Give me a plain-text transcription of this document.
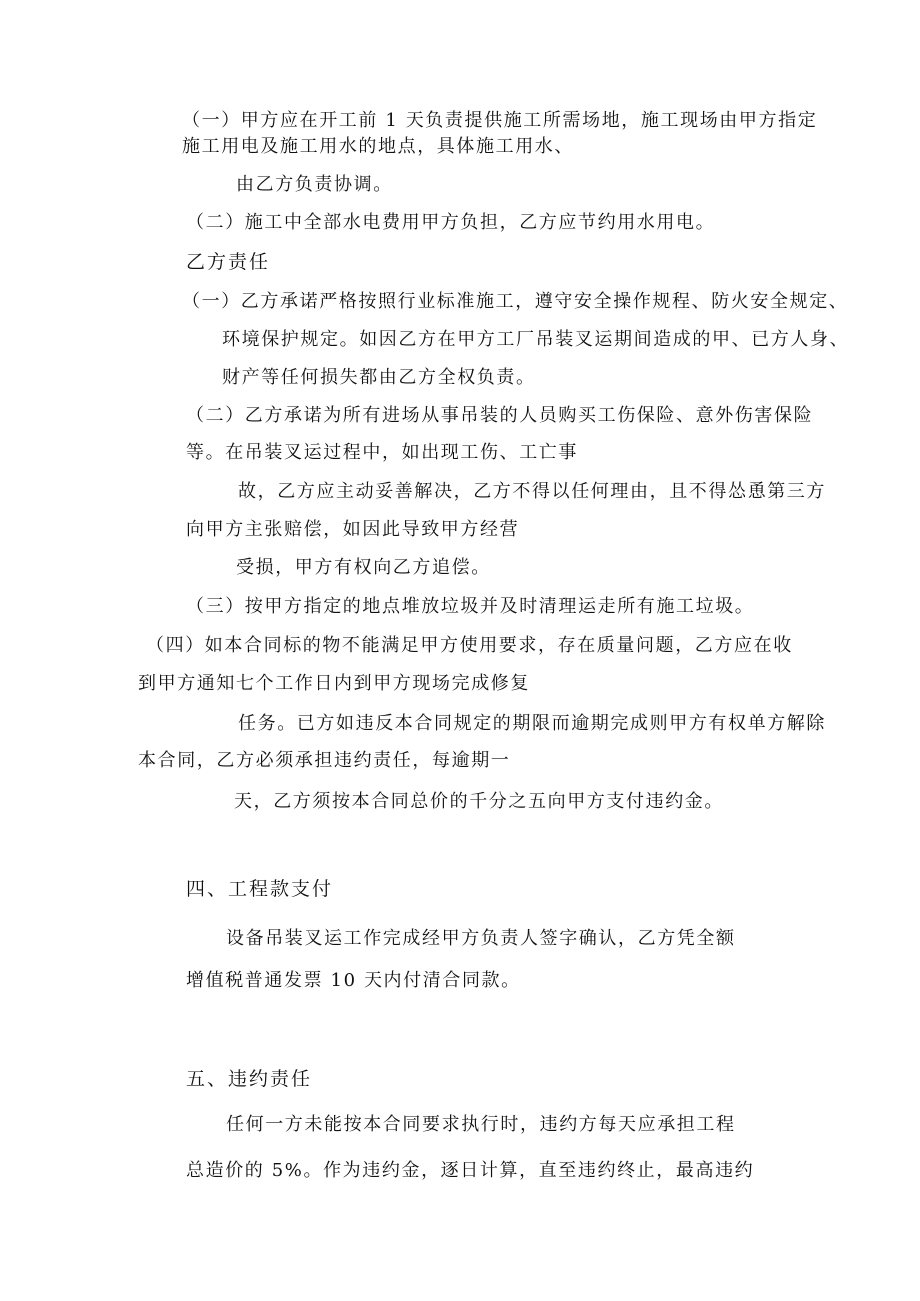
（一）甲方应在开工前 1 天负责提供施工所需场地，施工现场由甲方指定
施工用电及施工用水的地点，具体施工用水、
由乙方负责协调。
（二）施工中全部水电费用甲方负担，乙方应节约用水用电。
乙方责任
（一）乙方承诺严格按照行业标准施工，遵守安全操作规程、防火安全规定、
环境保护规定。如因乙方在甲方工厂吊装叉运期间造成的甲、已方人身、
财产等任何损失都由乙方全权负责。
（二）乙方承诺为所有进场从事吊装的人员购买工伤保险、意外伤害保险
等。在吊装叉运过程中，如出现工伤、工亡事
故，乙方应主动妥善解决，乙方不得以任何理由，且不得怂恿第三方
向甲方主张赔偿，如因此导致甲方经营
受损，甲方有权向乙方追偿。
（三）按甲方指定的地点堆放垃圾并及时清理运走所有施工垃圾。
（四）如本合同标的物不能满足甲方使用要求，存在质量问题，乙方应在收
到甲方通知七个工作日内到甲方现场完成修复
任务。已方如违反本合同规定的期限而逾期完成则甲方有权单方解除
本合同，乙方必须承担违约责任，每逾期一
天，乙方须按本合同总价的千分之五向甲方支付违约金。
四、工程款支付
设备吊装叉运工作完成经甲方负责人签字确认，乙方凭全额
增值税普通发票 10 天内付清合同款。
五、违约责任
任何一方未能按本合同要求执行时，违约方每天应承担工程
总造价的 5%。作为违约金，逐日计算，直至违约终止，最高违约
